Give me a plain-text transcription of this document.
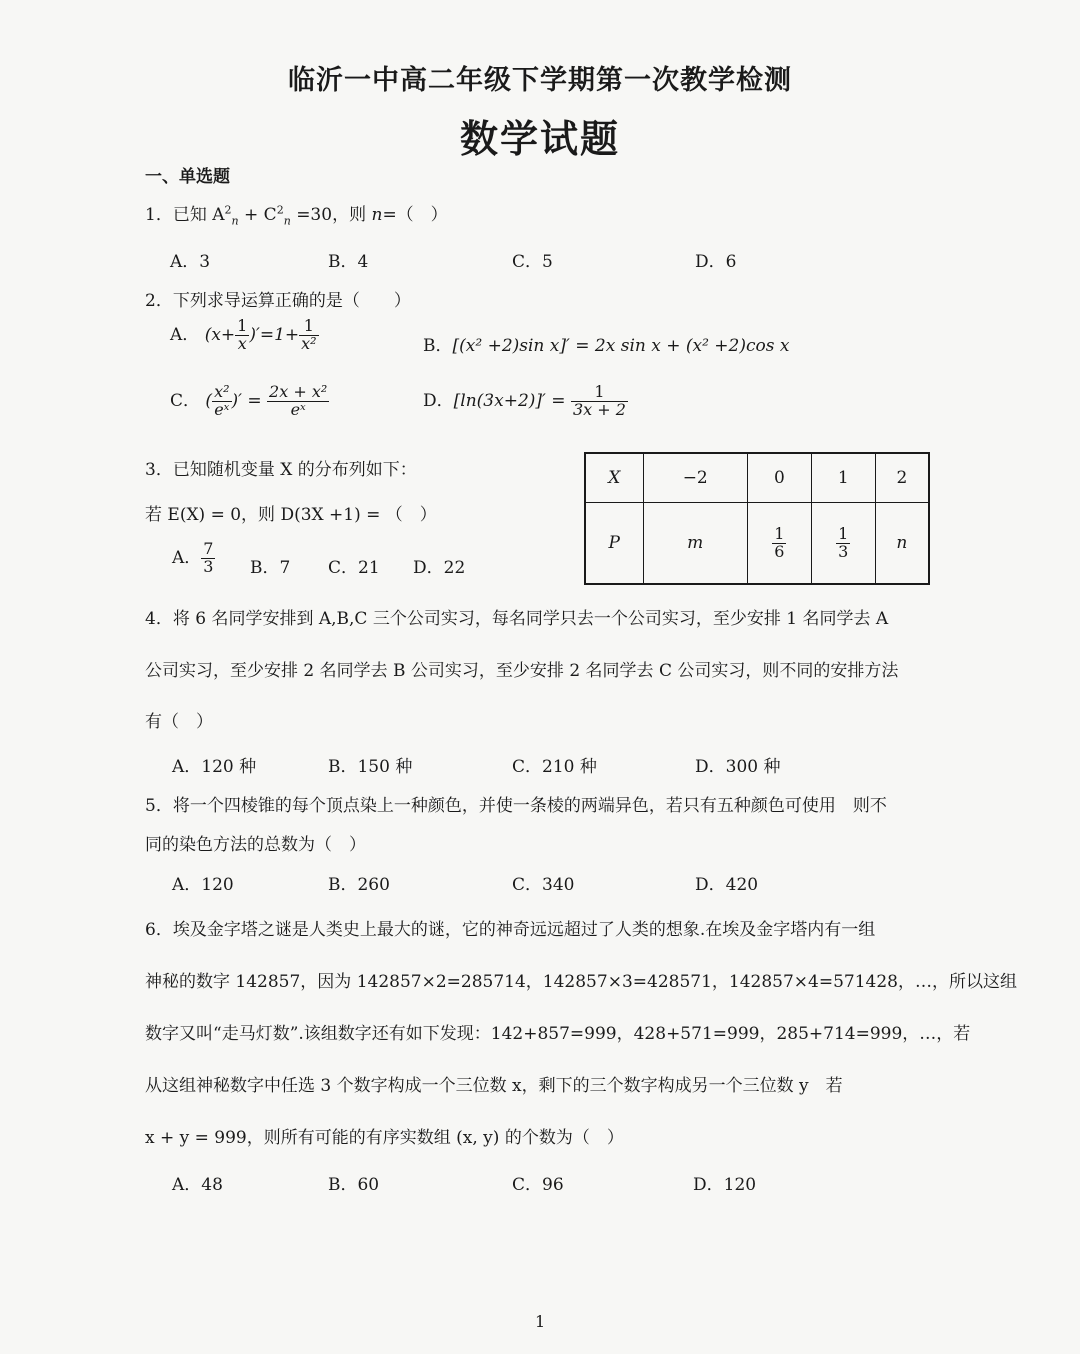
临沂一中高二年级下学期第一次教学检测
数学试题
一、单选题
1．已知 $A^2_n + C^2_n =30$，则 n=（　）
A．3	B．4	C．5	D．6
2．下列求导运算正确的是（　　）
A． $(x+ \frac{1}{x} )'=1+ \frac{1}{\text{x²}}$	B．[(x² +2)sin x]′ = 2x sin x + (x² +2)cos x
C． ( $\frac{\text{x²}}{\text{eˣ}}$ )′ = $\frac{\text{2x + x²}}{\text{eˣ}}$	D．$[\ln(3x+2)]' = \frac{1}{3x + 2}$
3．已知随机变量 X 的分布列如下：
若 E(X) = 0，则 D(3X +1) = （　）
A． $\frac{7}{3}$ B．7 C．21 D．22
X	−2	0	1	2
P	m	$\frac{1}{6}$	$\frac{1}{3}$	n
4．将 6 名同学安排到 A,B,C 三个公司实习，每名同学只去一个公司实习，至少安排 1 名同学去 A
公司实习，至少安排 2 名同学去 B 公司实习，至少安排 2 名同学去 C 公司实习，则不同的安排方法
有（　）
A．120 种	B．150 种	C．210 种	D．300 种
5．将一个四棱锥的每个顶点染上一种颜色，并使一条棱的两端异色，若只有五种颜色可使用　则不
同的染色方法的总数为（　）
A．120	B．260	C．340	D．420
6．埃及金字塔之谜是人类史上最大的谜，它的神奇远远超过了人类的想象.在埃及金字塔内有一组
神秘的数字 142857，因为 142857×2=285714，142857×3=428571，142857×4=571428，…，所以这组
数字又叫“走马灯数”.该组数字还有如下发现：142+857=999，428+571=999，285+714=999，…，若
从这组神秘数字中任选 3 个数字构成一个三位数 x，剩下的三个数字构成另一个三位数 y　若
x + y = 999，则所有可能的有序实数组 (x, y) 的个数为（　）
A．48	B．60	C．96	D．120
1
